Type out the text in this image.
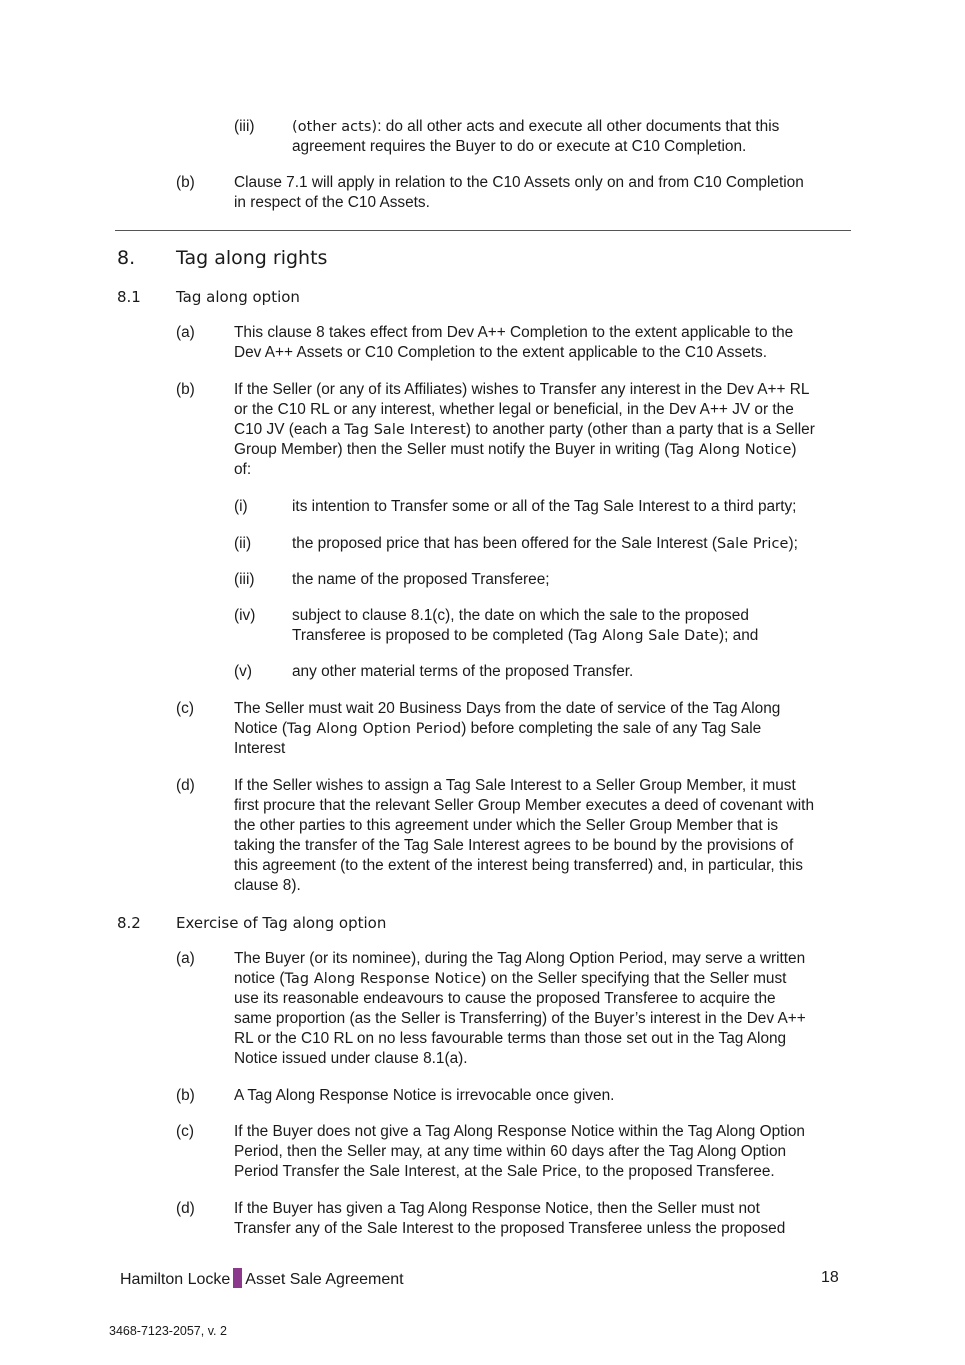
(iii)	(other acts): do all other acts and execute all other documents that this
agreement requires the Buyer to do or execute at C10 Completion.
(b)	Clause 7.1 will apply in relation to the C10 Assets only on and from C10 Completion
in respect of the C10 Assets.
8. Tag along rights
8.1 Tag along option
(a)	This clause 8 takes effect from Dev A++ Completion to the extent applicable to the
Dev A++ Assets or C10 Completion to the extent applicable to the C10 Assets.
(b)	If the Seller (or any of its Affiliates) wishes to Transfer any interest in the Dev A++ RL
or the C10 RL or any interest, whether legal or beneficial, in the Dev A++ JV or the
C10 JV (each a Tag Sale Interest) to another party (other than a party that is a Seller
Group Member) then the Seller must notify the Buyer in writing (Tag Along Notice)
of:
(i)	its intention to Transfer some or all of the Tag Sale Interest to a third party;
(ii)	the proposed price that has been offered for the Sale Interest (Sale Price);
(iii) the name of the proposed Transferee;
(iv) subject to clause 8.1(c), the date on which the sale to the proposed
Transferee is proposed to be completed (Tag Along Sale Date); and
(v)	any other material terms of the proposed Transfer.
(c)	The Seller must wait 20 Business Days from the date of service of the Tag Along
Notice (Tag Along Option Period) before completing the sale of any Tag Sale
Interest
(d)	If the Seller wishes to assign a Tag Sale Interest to a Seller Group Member, it must
first procure that the relevant Seller Group Member executes a deed of covenant with
the other parties to this agreement under which the Seller Group Member that is
taking the transfer of the Tag Sale Interest agrees to be bound by the provisions of
this agreement (to the extent of the interest being transferred) and, in particular, this
clause 8).
8.2 Exercise of Tag along option
(a)	The Buyer (or its nominee), during the Tag Along Option Period, may serve a written
notice (Tag Along Response Notice) on the Seller specifying that the Seller must
use its reasonable endeavours to cause the proposed Transferee to acquire the
same proportion (as the Seller is Transferring) of the Buyer’s interest in the Dev A++
RL or the C10 RL on no less favourable terms than those set out in the Tag Along
Notice issued under clause 8.1(a).
(b)	A Tag Along Response Notice is irrevocable once given.
(c)	If the Buyer does not give a Tag Along Response Notice within the Tag Along Option
Period, then the Seller may, at any time within 60 days after the Tag Along Option
Period Transfer the Sale Interest, at the Sale Price, to the proposed Transferee.
(d)	If the Buyer has given a Tag Along Response Notice, then the Seller must not
Transfer any of the Sale Interest to the proposed Transferee unless the proposed
Hamilton Locke Asset Sale Agreement	18
3468-7123-2057, v. 2
